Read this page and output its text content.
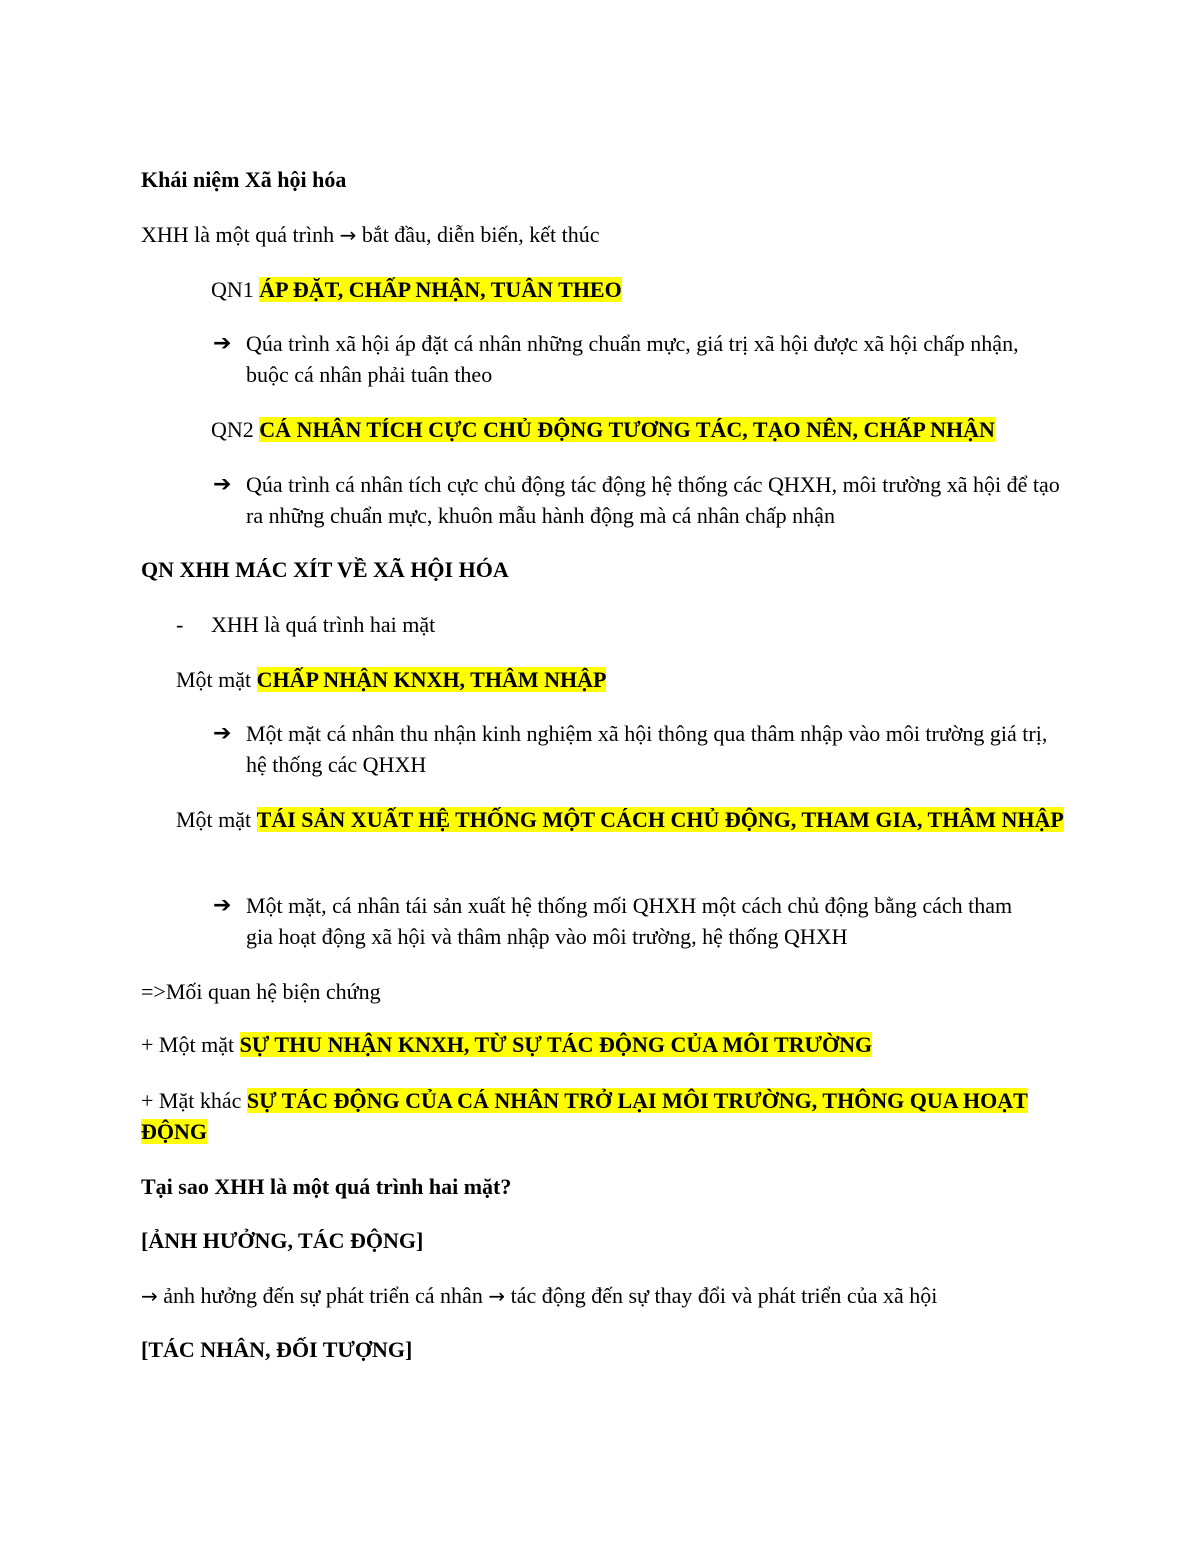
Khái niệm Xã hội hóa
XHH là một quá trình → bắt đầu, diễn biến, kết thúc
QN1 ÁP ĐẶT, CHẤP NHẬN, TUÂN THEO
➔ Qúa trình xã hội áp đặt cá nhân những chuẩn mực, giá trị xã hội được xã hội chấp nhận, buộc cá nhân phải tuân theo
QN2 CÁ NHÂN TÍCH CỰC CHỦ ĐỘNG TƯƠNG TÁC, TẠO NÊN, CHẤP NHẬN
➔ Qúa trình cá nhân tích cực chủ động tác động hệ thống các QHXH, môi trường xã hội để tạo ra những chuẩn mực, khuôn mẫu hành động mà cá nhân chấp nhận
QN XHH MÁC XÍT VỀ XÃ HỘI HÓA
- XHH là quá trình hai mặt
Một mặt CHẤP NHẬN KNXH, THÂM NHẬP
➔ Một mặt cá nhân thu nhận kinh nghiệm xã hội thông qua thâm nhập vào môi trường giá trị, hệ thống các QHXH
Một mặt TÁI SẢN XUẤT HỆ THỐNG MỘT CÁCH CHỦ ĐỘNG, THAM GIA, THÂM NHẬP
➔ Một mặt, cá nhân tái sản xuất hệ thống mối QHXH một cách chủ động bằng cách tham gia hoạt động xã hội và thâm nhập vào môi trường, hệ thống QHXH
=>Mối quan hệ biện chứng
+ Một mặt SỰ THU NHẬN KNXH, TỪ SỰ TÁC ĐỘNG CỦA MÔI TRƯỜNG
+ Mặt khác SỰ TÁC ĐỘNG CỦA CÁ NHÂN TRỞ LẠI MÔI TRƯỜNG, THÔNG QUA HOẠT ĐỘNG
Tại sao XHH là một quá trình hai mặt?
[ẢNH HƯỞNG, TÁC ĐỘNG]
→ ảnh hưởng đến sự phát triển cá nhân → tác động đến sự thay đổi và phát triển của xã hội
[TÁC NHÂN, ĐỐI TƯỢNG]
